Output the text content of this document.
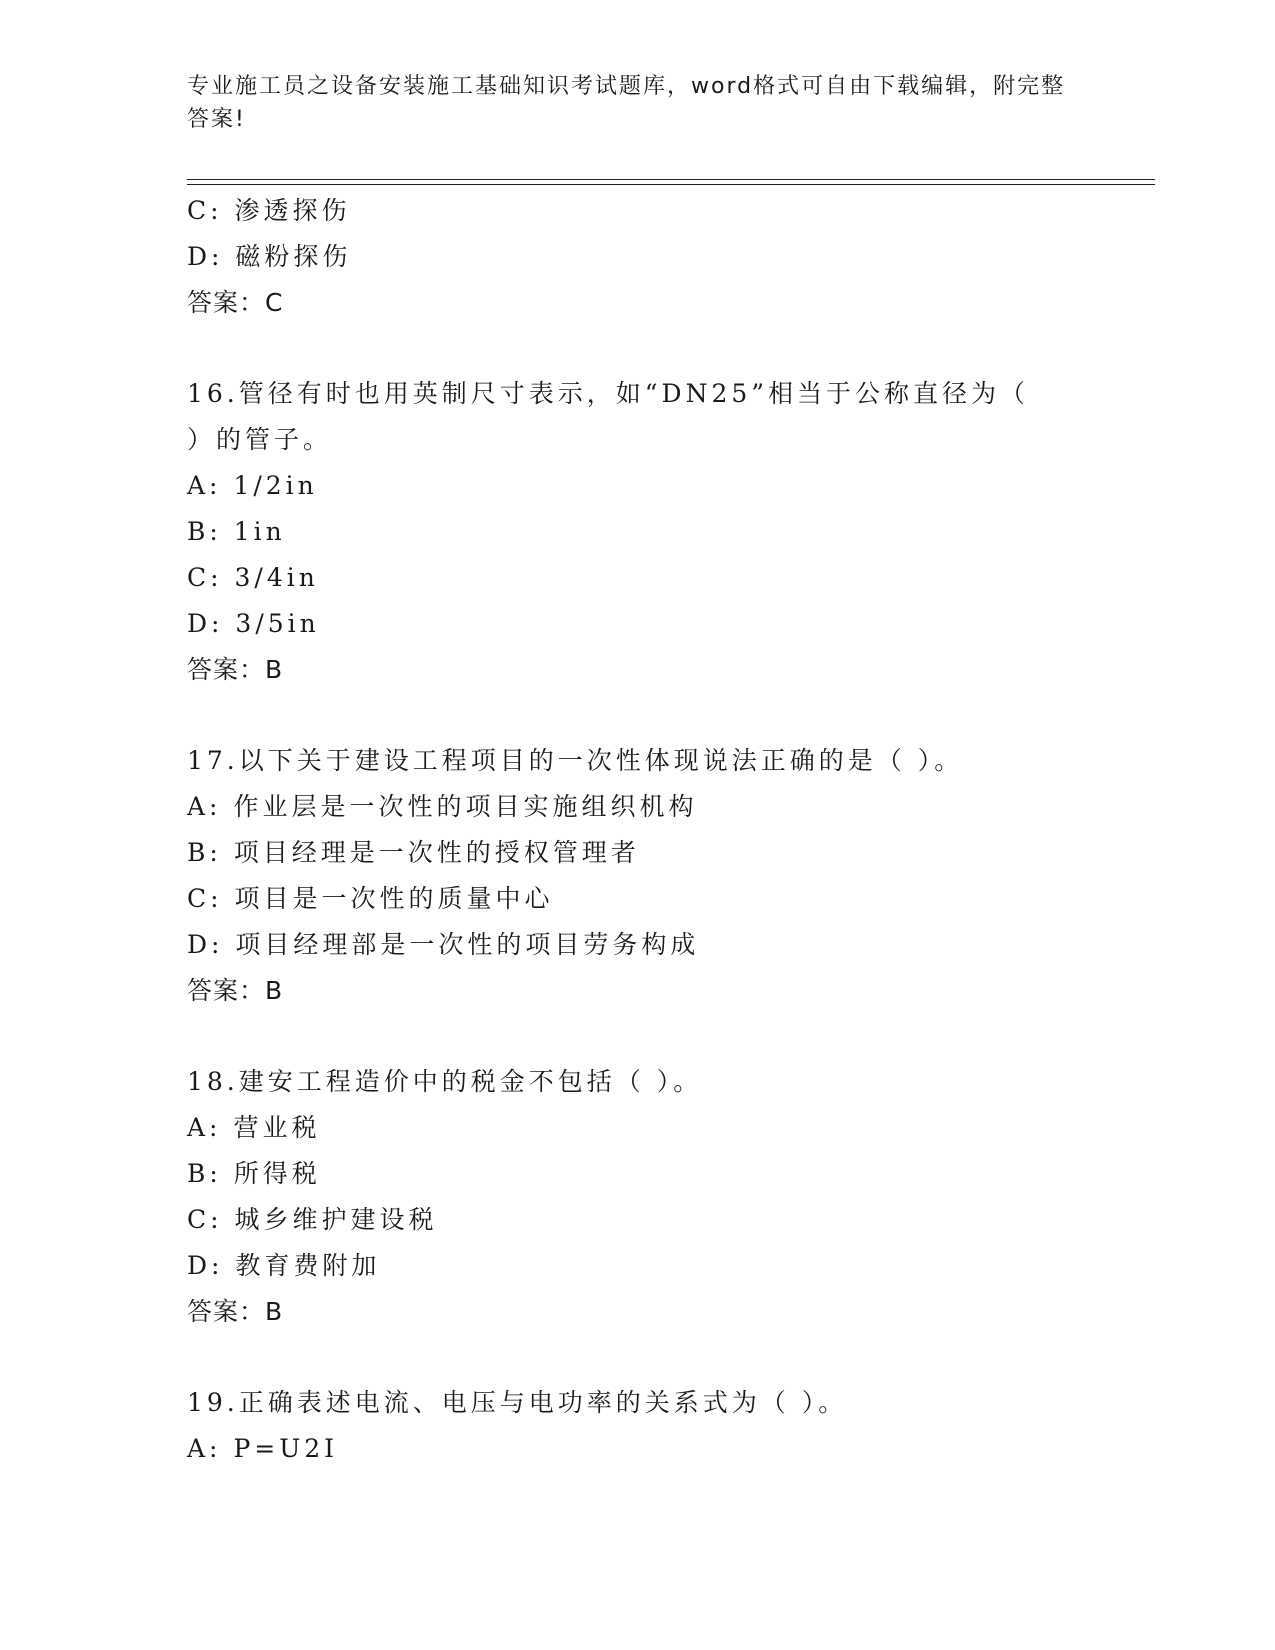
专业施工员之设备安装施工基础知识考试题库，word格式可自由下载编辑，附完整答案!
C: 渗透探伤
D: 磁粉探伤
答案：C
16.管径有时也用英制尺寸表示，如“DN25”相当于公称直径为（ ）的管子。
A: 1/2in
B: 1in
C: 3/4in
D: 3/5in
答案：B
17.以下关于建设工程项目的一次性体现说法正确的是（ ）。
A: 作业层是一次性的项目实施组织机构
B: 项目经理是一次性的授权管理者
C: 项目是一次性的质量中心
D: 项目经理部是一次性的项目劳务构成
答案：B
18.建安工程造价中的税金不包括（ ）。
A: 营业税
B: 所得税
C: 城乡维护建设税
D: 教育费附加
答案：B
19.正确表述电流、电压与电功率的关系式为（ ）。
A: P=U2I
